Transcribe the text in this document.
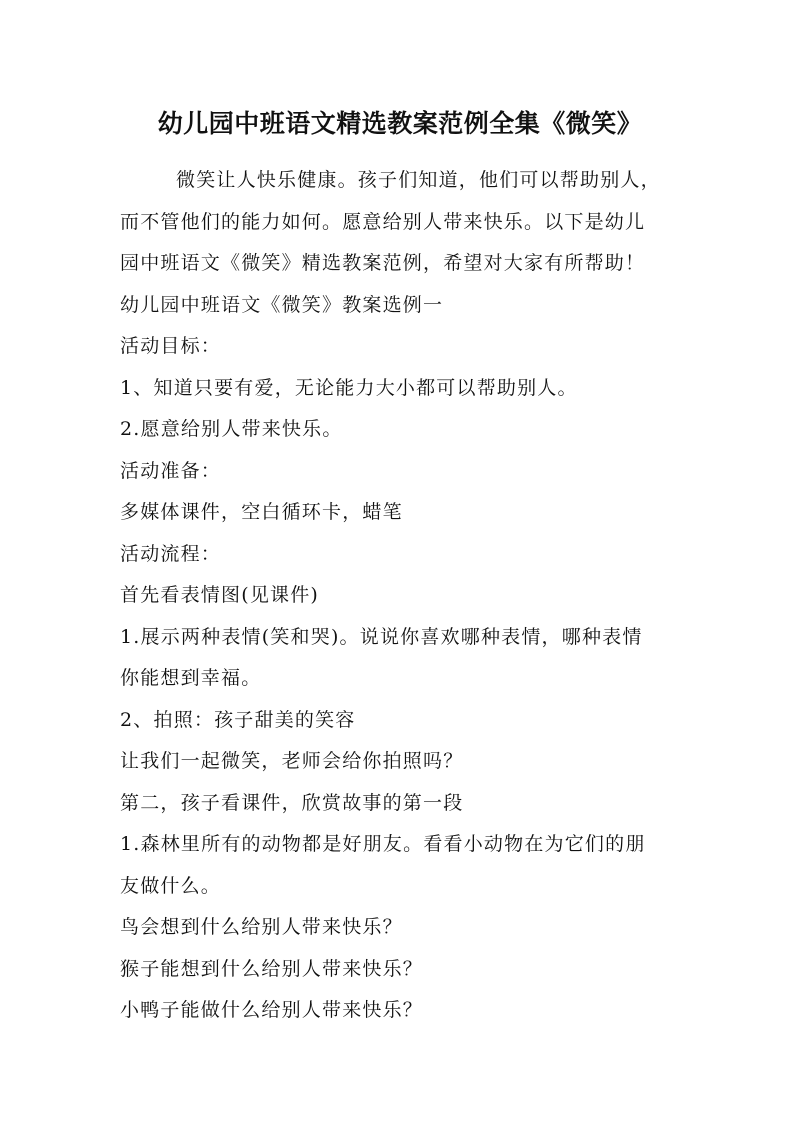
幼儿园中班语文精选教案范例全集《微笑》

微笑让人快乐健康。孩子们知道，他们可以帮助别人，

而不管他们的能力如何。愿意给别人带来快乐。以下是幼儿

园中班语文《微笑》精选教案范例，希望对大家有所帮助！

幼儿园中班语文《微笑》教案选例一

活动目标：

1、知道只要有爱，无论能力大小都可以帮助别人。

2.愿意给别人带来快乐。

活动准备：

多媒体课件，空白循环卡，蜡笔

活动流程：

首先看表情图(见课件)

1.展示两种表情(笑和哭)。说说你喜欢哪种表情，哪种表情

你能想到幸福。

2、拍照：孩子甜美的笑容

让我们一起微笑，老师会给你拍照吗？

第二，孩子看课件，欣赏故事的第一段

1.森林里所有的动物都是好朋友。看看小动物在为它们的朋

友做什么。

鸟会想到什么给别人带来快乐？

猴子能想到什么给别人带来快乐？

小鸭子能做什么给别人带来快乐？
